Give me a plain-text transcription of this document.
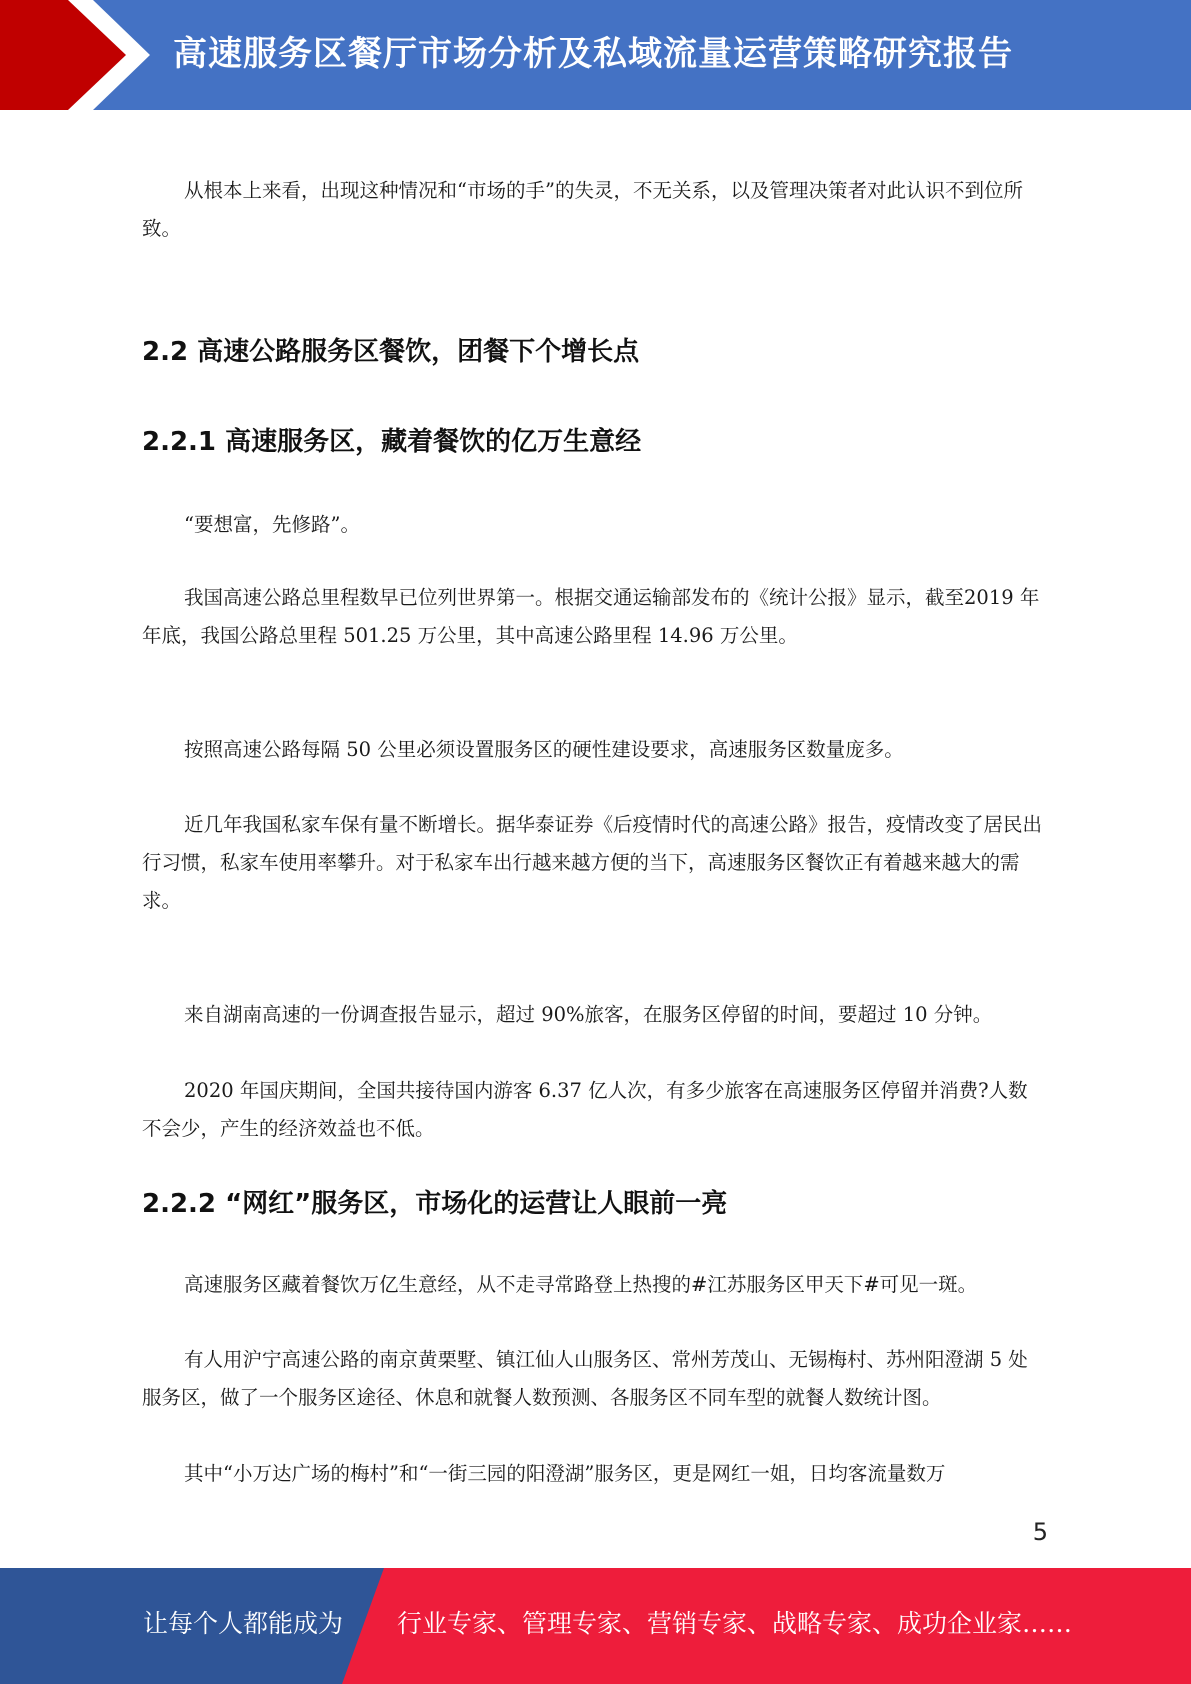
高速服务区餐厅市场分析及私域流量运营策略研究报告

从根本上来看，出现这种情况和“市场的手”的失灵，不无关系，以及管理决策者对此认识不到位所致。

2.2 高速公路服务区餐饮，团餐下个增长点
2.2.1 高速服务区，藏着餐饮的亿万生意经

“要想富，先修路”。

我国高速公路总里程数早已位列世界第一。根据交通运输部发布的《统计公报》显示，截至2019 年年底，我国公路总里程 501.25 万公里，其中高速公路里程 14.96 万公里。

按照高速公路每隔 50 公里必须设置服务区的硬性建设要求，高速服务区数量庞多。

近几年我国私家车保有量不断增长。据华泰证券《后疫情时代的高速公路》报告，疫情改变了居民出行习惯，私家车使用率攀升。对于私家车出行越来越方便的当下，高速服务区餐饮正有着越来越大的需求。

来自湖南高速的一份调查报告显示，超过 90%旅客，在服务区停留的时间，要超过 10 分钟。

2020 年国庆期间，全国共接待国内游客 6.37 亿人次，有多少旅客在高速服务区停留并消费?人数不会少，产生的经济效益也不低。

2.2.2 “网红”服务区，市场化的运营让人眼前一亮

高速服务区藏着餐饮万亿生意经，从不走寻常路登上热搜的#江苏服务区甲天下#可见一斑。

有人用沪宁高速公路的南京黄栗墅、镇江仙人山服务区、常州芳茂山、无锡梅村、苏州阳澄湖 5 处服务区，做了一个服务区途径、休息和就餐人数预测、各服务区不同车型的就餐人数统计图。

其中“小万达广场的梅村”和“一街三园的阳澄湖”服务区，更是网红一姐，日均客流量数万

5
让每个人都能成为 行业专家、管理专家、营销专家、战略专家、成功企业家……
